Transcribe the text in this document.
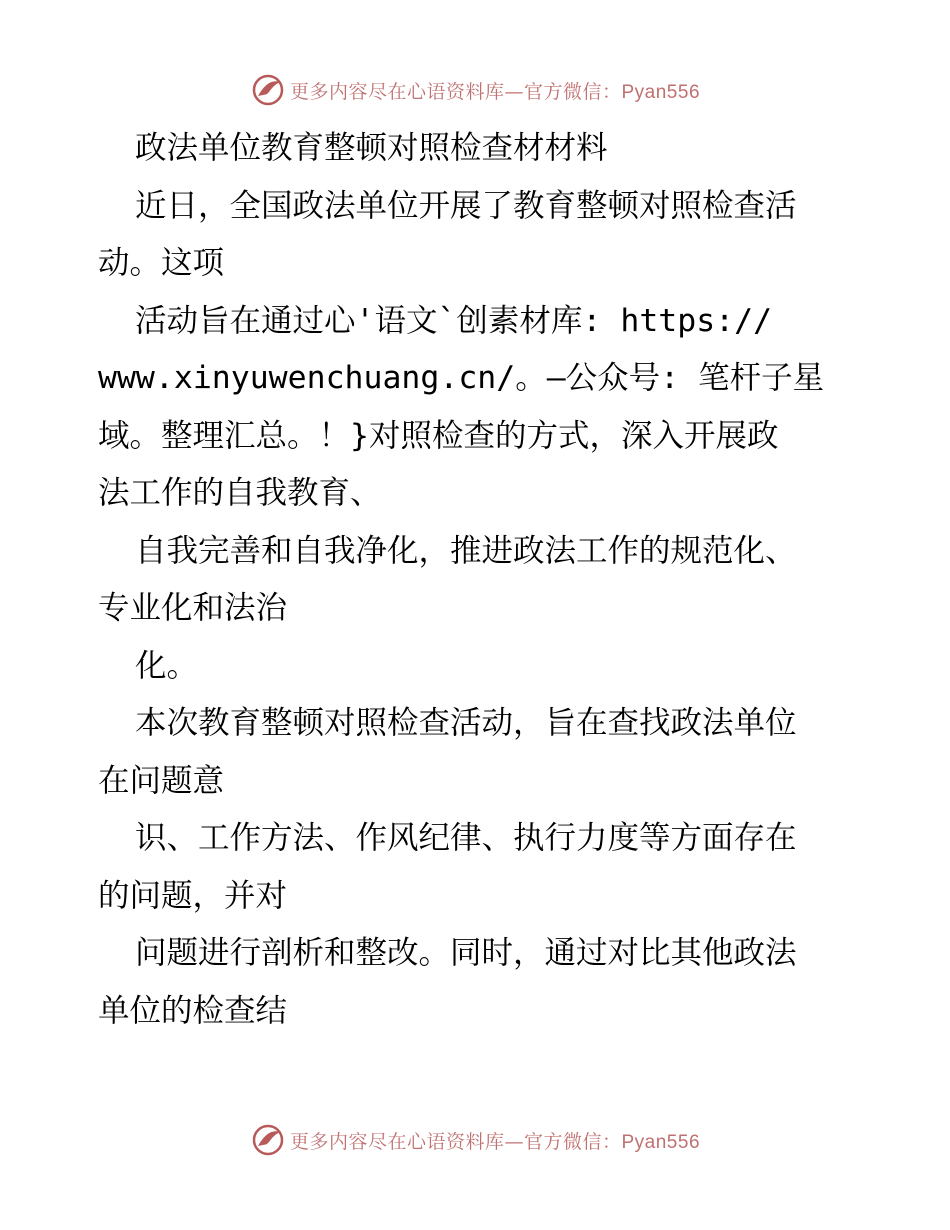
更多内容尽在心语资料库—官方微信：Pyan556
政法单位教育整顿对照检查材材料
近日，全国政法单位开展了教育整顿对照检查活
动。这项
活动旨在通过心'语文`创素材库: https://
www.xinyuwenchuang.cn/。—公众号: 笔杆子星
域。整理汇总。！}对照检查的方式，深入开展政
法工作的自我教育、
自我完善和自我净化，推进政法工作的规范化、
专业化和法治
化。
本次教育整顿对照检查活动，旨在查找政法单位
在问题意
识、工作方法、作风纪律、执行力度等方面存在
的问题，并对
问题进行剖析和整改。同时，通过对比其他政法
单位的检查结
更多内容尽在心语资料库—官方微信：Pyan556
